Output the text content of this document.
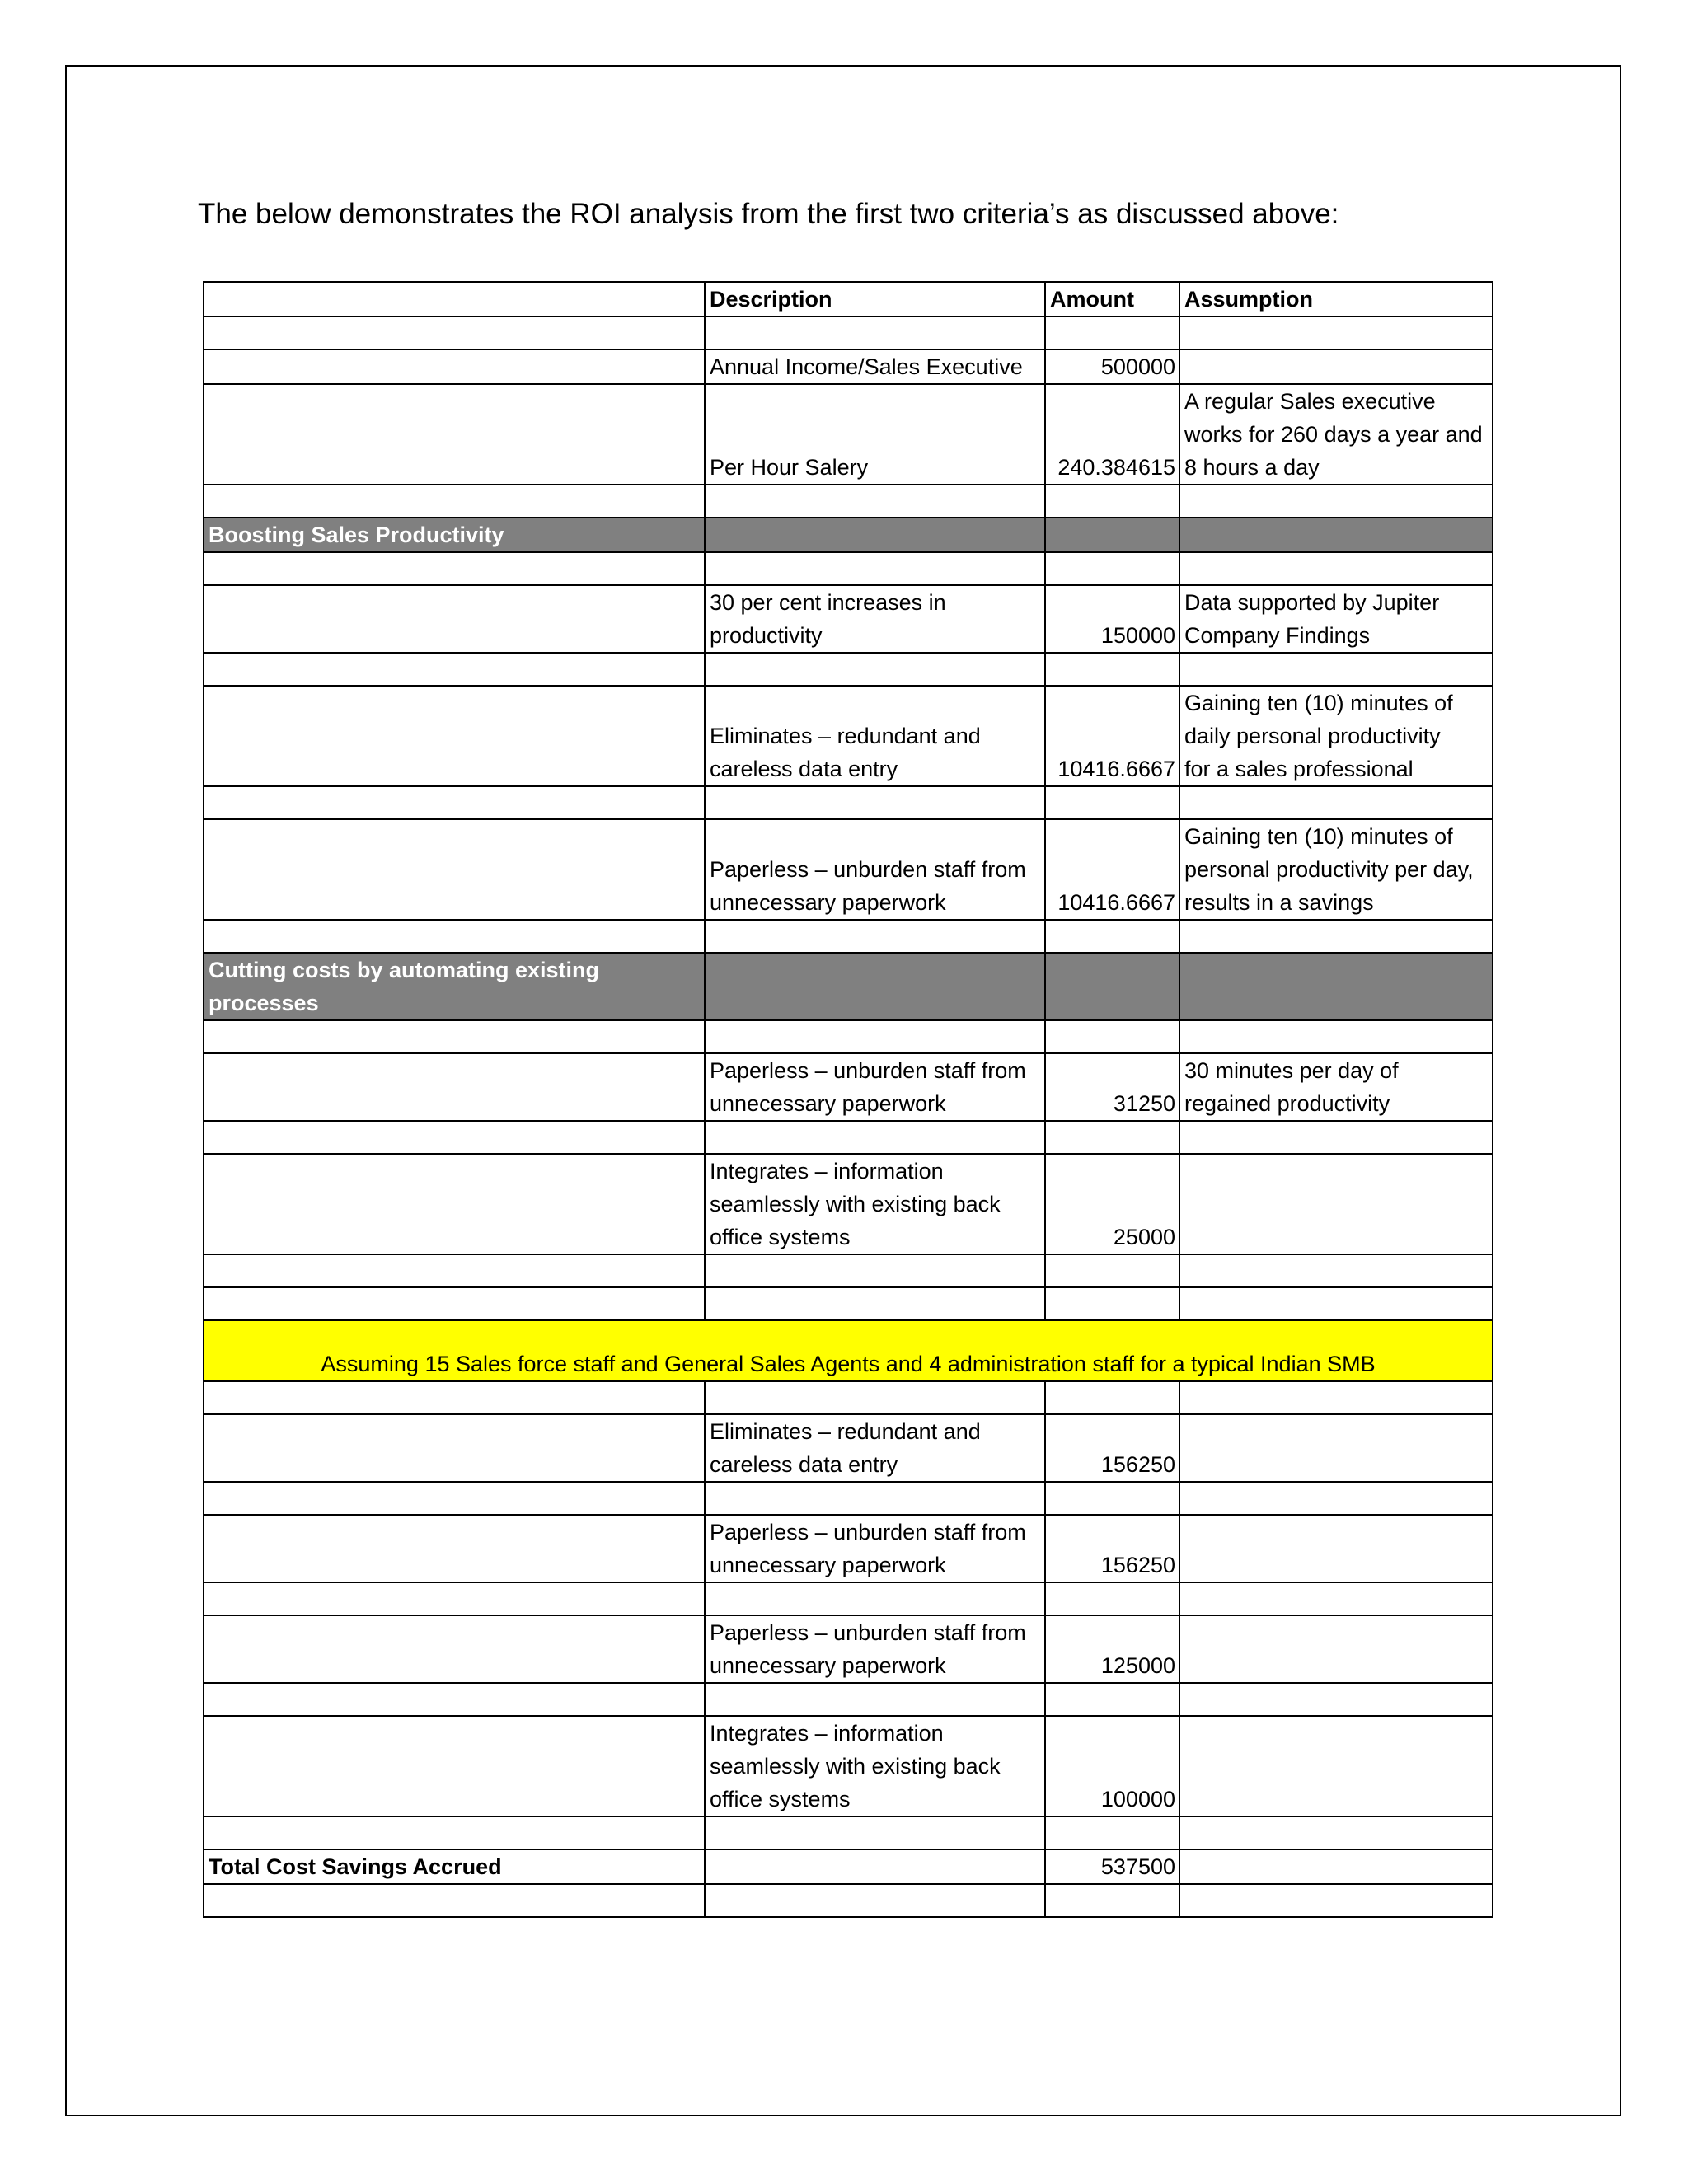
The below demonstrates the ROI analysis from the first two criteria’s as discussed above:
	Description	Amount	Assumption

	Annual Income/Sales Executive	500000	
	Per Hour Salery	240.384615	A regular Sales executive
works for 260 days a year and
8 hours a day

Boosting Sales Productivity			

	30 per cent increases in
productivity	150000	Data supported by Jupiter
Company Findings

	Eliminates – redundant and
careless data entry	10416.6667	Gaining ten (10) minutes of
daily personal productivity
for a sales professional

	Paperless – unburden staff from
unnecessary paperwork	10416.6667	Gaining ten (10) minutes of
personal productivity per day,
results in a savings

Cutting costs by automating existing processes			

	Paperless – unburden staff from
unnecessary paperwork	31250	30 minutes per day of
regained productivity

	Integrates – information
seamlessly with existing back
office systems	25000	

Assuming 15 Sales force staff and General Sales Agents and 4 administration staff for a typical Indian SMB			

	Eliminates – redundant and
careless data entry	156250	

	Paperless – unburden staff from
unnecessary paperwork	156250	

	Paperless – unburden staff from
unnecessary paperwork	125000	

	Integrates – information
seamlessly with existing back
office systems	100000	

Total Cost Savings Accrued		537500	
